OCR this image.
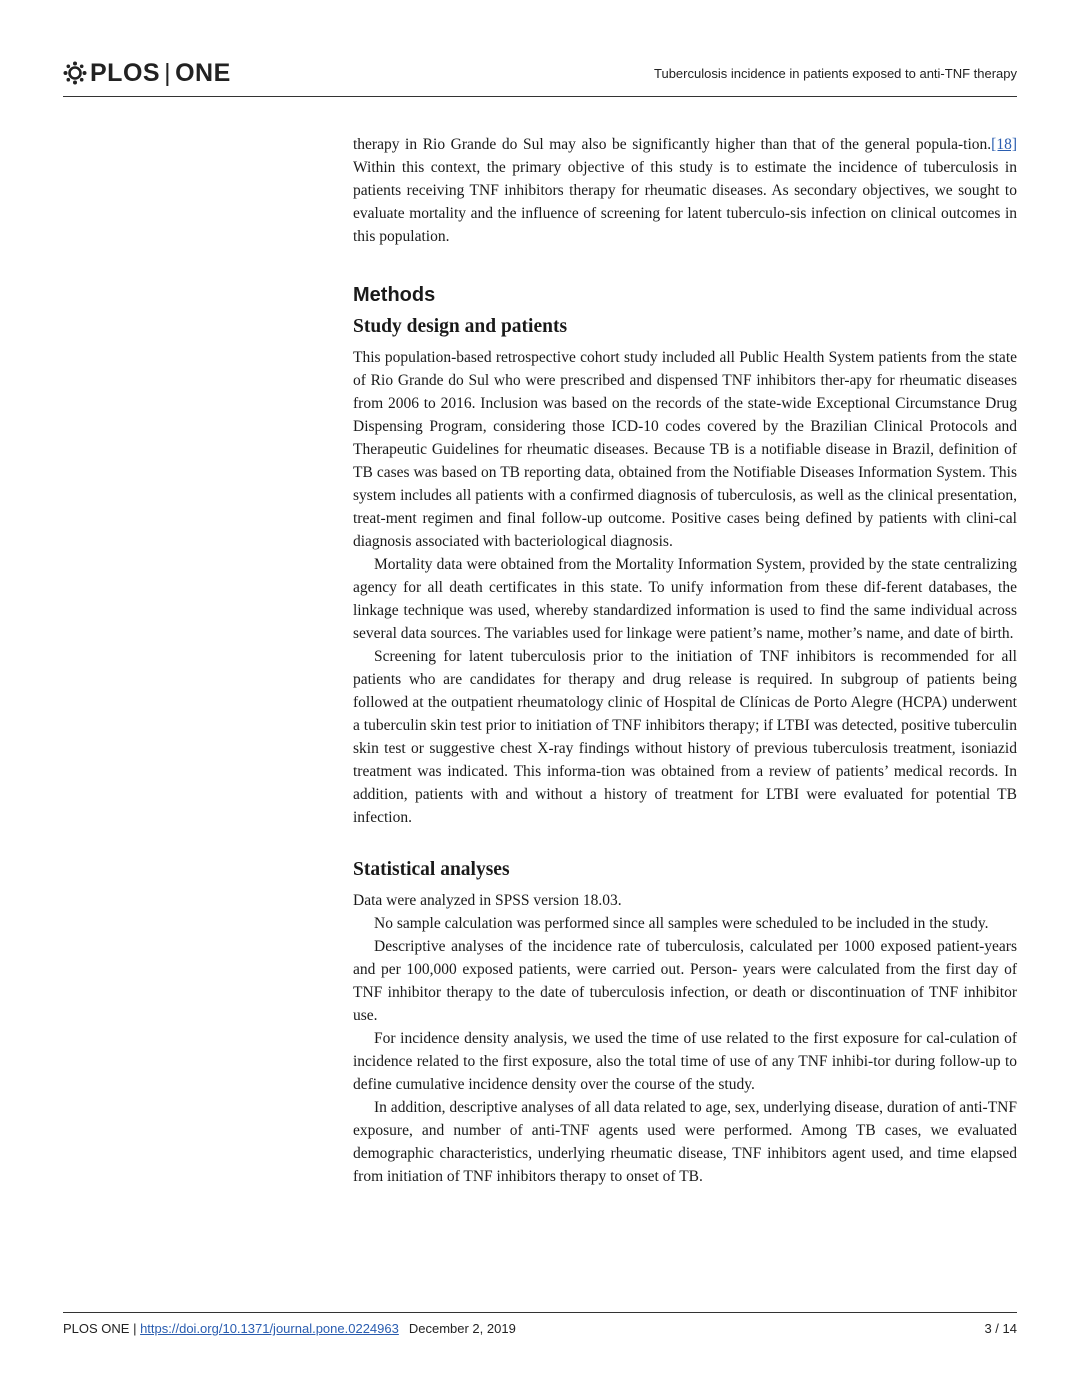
PLOS | ONE	Tuberculosis incidence in patients exposed to anti-TNF therapy

therapy in Rio Grande do Sul may also be significantly higher than that of the general popula-tion.[18] Within this context, the primary objective of this study is to estimate the incidence of tuberculosis in patients receiving TNF inhibitors therapy for rheumatic diseases. As secondary objectives, we sought to evaluate mortality and the influence of screening for latent tuberculo-sis infection on clinical outcomes in this population.

Methods
Study design and patients

This population-based retrospective cohort study included all Public Health System patients from the state of Rio Grande do Sul who were prescribed and dispensed TNF inhibitors ther-apy for rheumatic diseases from 2006 to 2016. Inclusion was based on the records of the state-wide Exceptional Circumstance Drug Dispensing Program, considering those ICD-10 codes covered by the Brazilian Clinical Protocols and Therapeutic Guidelines for rheumatic diseases. Because TB is a notifiable disease in Brazil, definition of TB cases was based on TB reporting data, obtained from the Notifiable Diseases Information System. This system includes all patients with a confirmed diagnosis of tuberculosis, as well as the clinical presentation, treat-ment regimen and final follow-up outcome. Positive cases being defined by patients with clini-cal diagnosis associated with bacteriological diagnosis.

Mortality data were obtained from the Mortality Information System, provided by the state centralizing agency for all death certificates in this state. To unify information from these dif-ferent databases, the linkage technique was used, whereby standardized information is used to find the same individual across several data sources. The variables used for linkage were patient’s name, mother’s name, and date of birth.

Screening for latent tuberculosis prior to the initiation of TNF inhibitors is recommended for all patients who are candidates for therapy and drug release is required. In subgroup of patients being followed at the outpatient rheumatology clinic of Hospital de Clínicas de Porto Alegre (HCPA) underwent a tuberculin skin test prior to initiation of TNF inhibitors therapy; if LTBI was detected, positive tuberculin skin test or suggestive chest X-ray findings without history of previous tuberculosis treatment, isoniazid treatment was indicated. This informa-tion was obtained from a review of patients’ medical records. In addition, patients with and without a history of treatment for LTBI were evaluated for potential TB infection.

Statistical analyses

Data were analyzed in SPSS version 18.03.

No sample calculation was performed since all samples were scheduled to be included in the study.

Descriptive analyses of the incidence rate of tuberculosis, calculated per 1000 exposed patient-years and per 100,000 exposed patients, were carried out. Person- years were calculated from the first day of TNF inhibitor therapy to the date of tuberculosis infection, or death or discontinuation of TNF inhibitor use.

For incidence density analysis, we used the time of use related to the first exposure for cal-culation of incidence related to the first exposure, also the total time of use of any TNF inhibi-tor during follow-up to define cumulative incidence density over the course of the study.

In addition, descriptive analyses of all data related to age, sex, underlying disease, duration of anti-TNF exposure, and number of anti-TNF agents used were performed. Among TB cases, we evaluated demographic characteristics, underlying rheumatic disease, TNF inhibitors agent used, and time elapsed from initiation of TNF inhibitors therapy to onset of TB.

PLOS ONE | https://doi.org/10.1371/journal.pone.0224963 December 2, 2019	3 / 14
